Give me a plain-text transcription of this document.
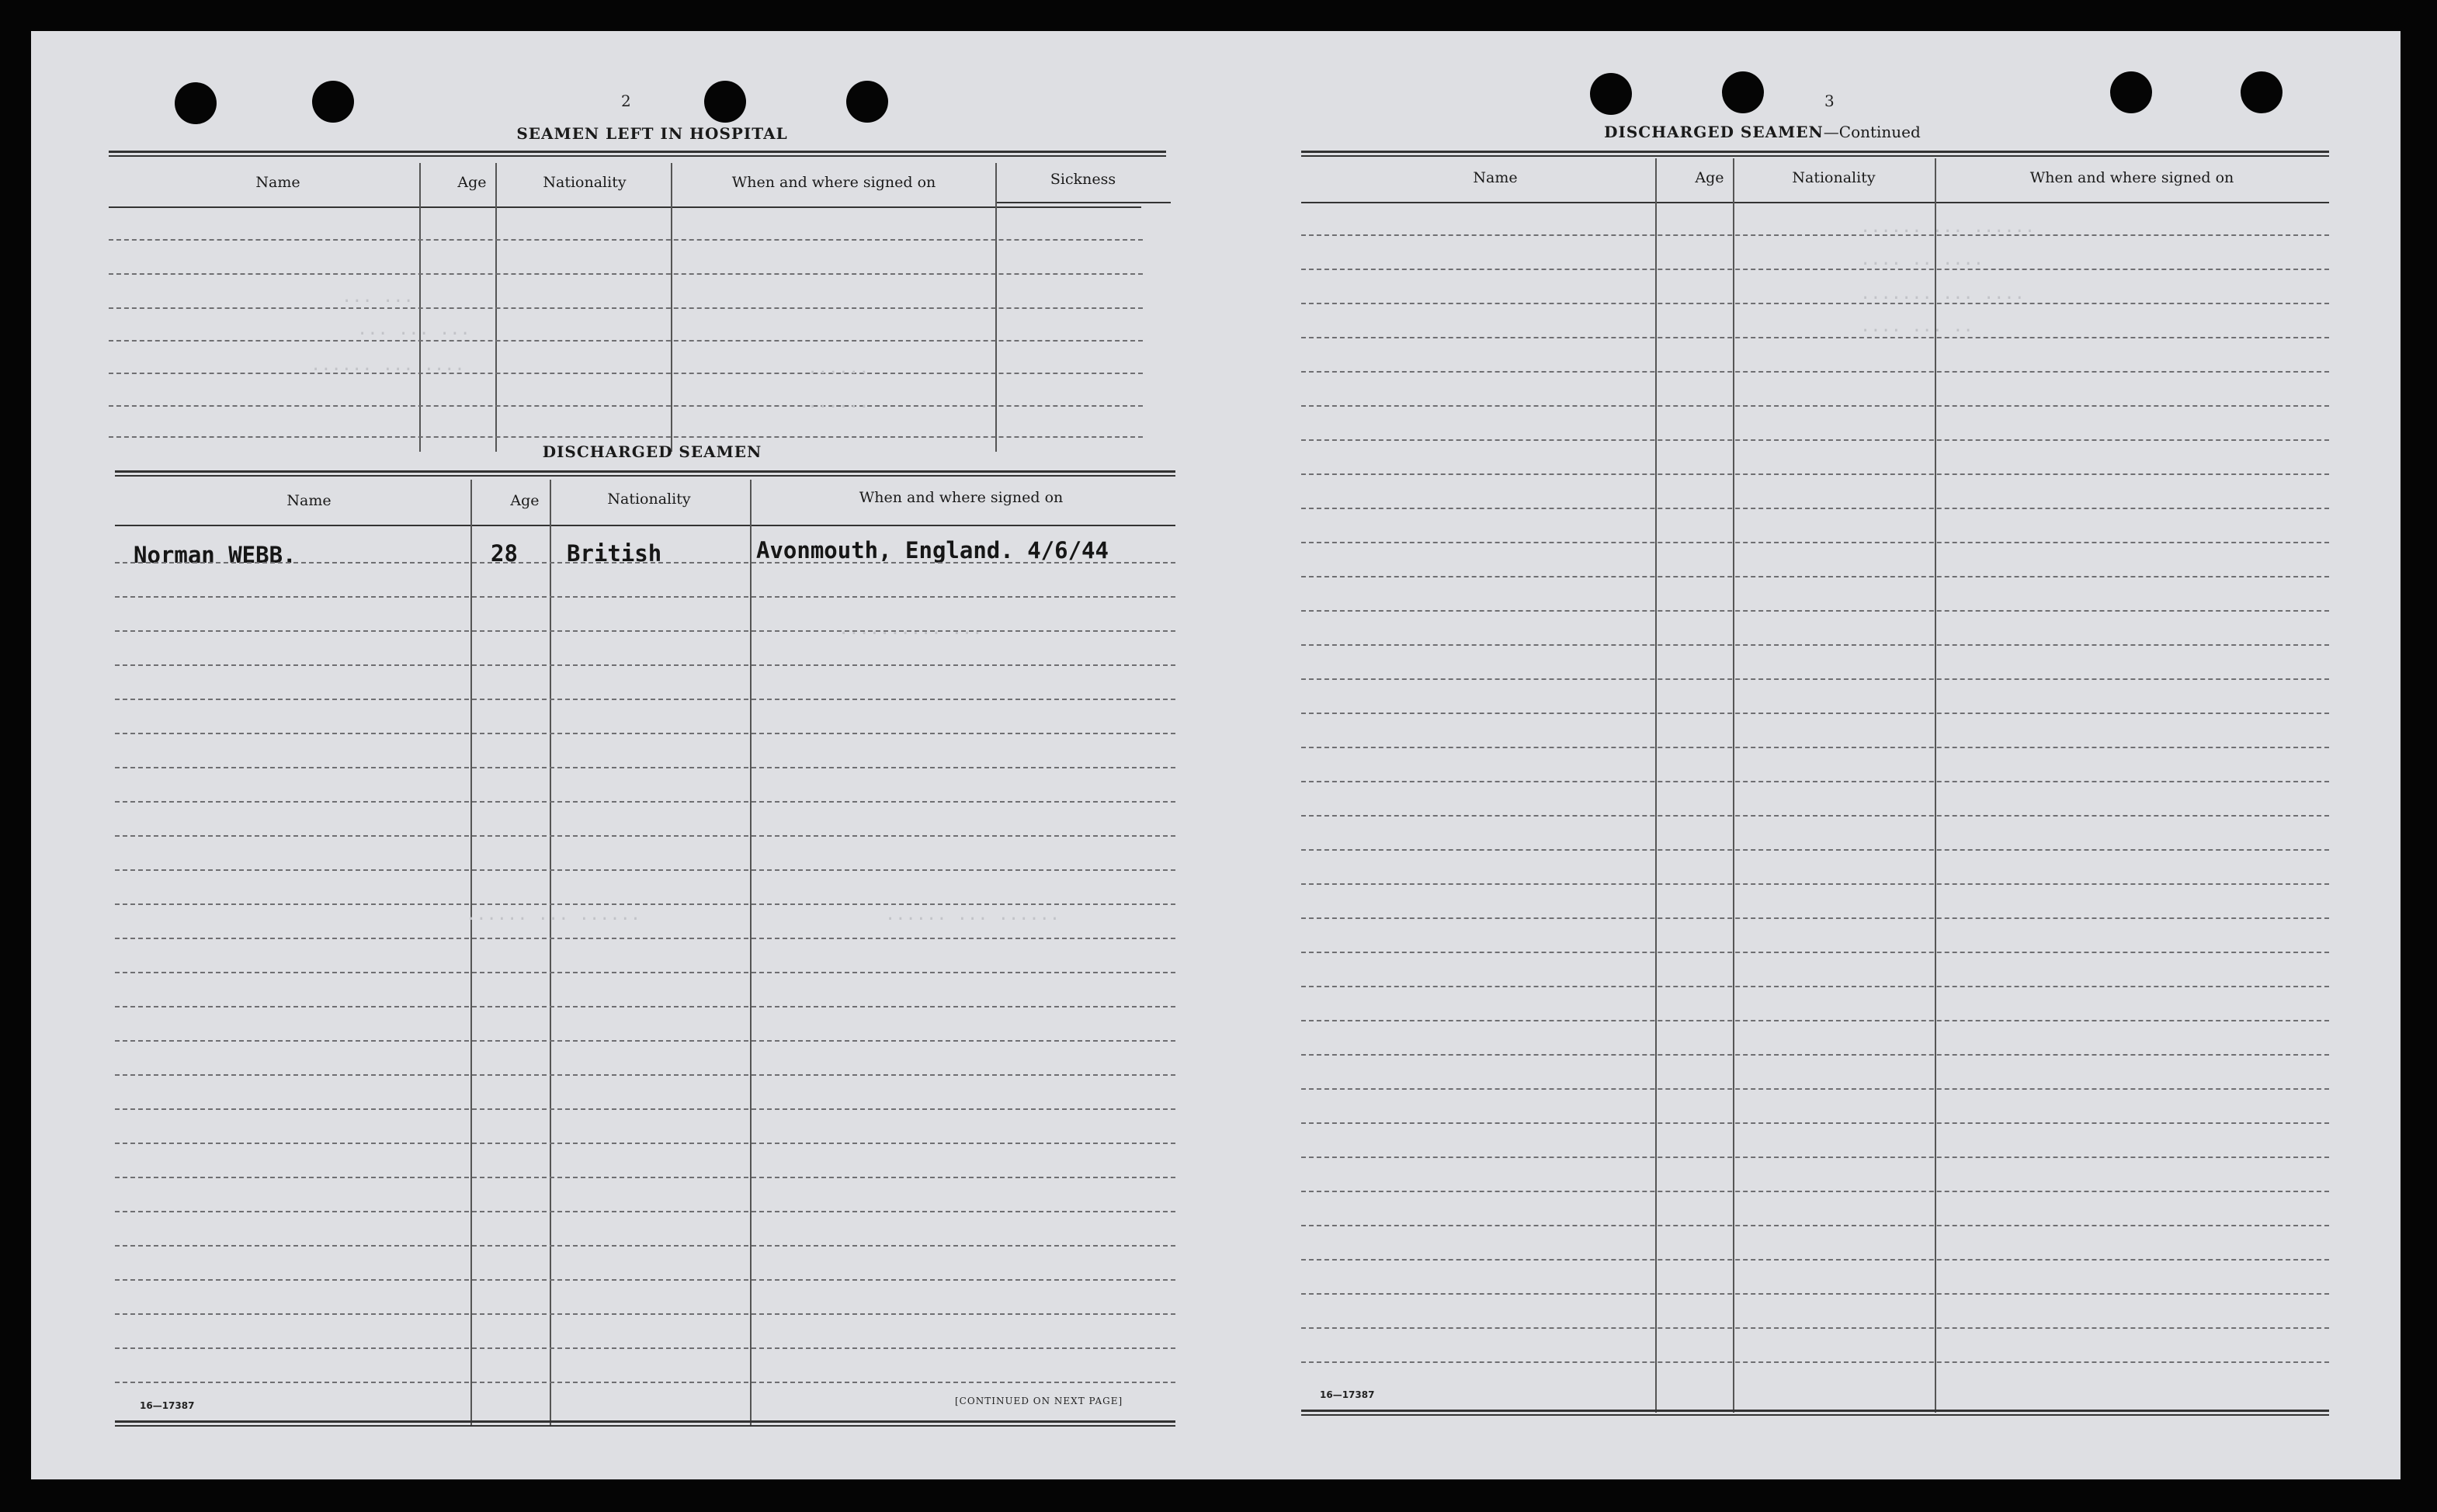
2
SEAMEN LEFT IN HOSPITAL
Name	Age	Nationality	When and where signed on	Sickness
... ...
... ... ...
...... ... ....	......
......
DISCHARGED SEAMEN
Name	Age	Nationality	When and where signed on
Norman WEBB.	28 British	Avonmouth, England. 4/6/44
.......... ...
...... ... ......
...... ... ......
16—17387	[CONTINUED ON NEXT PAGE]
3
DISCHARGED SEAMEN—Continued
Name	Age	Nationality	When and where signed on
...... ... ......
.... .. ....
....... ... ....
.... ... ..
16—17387
